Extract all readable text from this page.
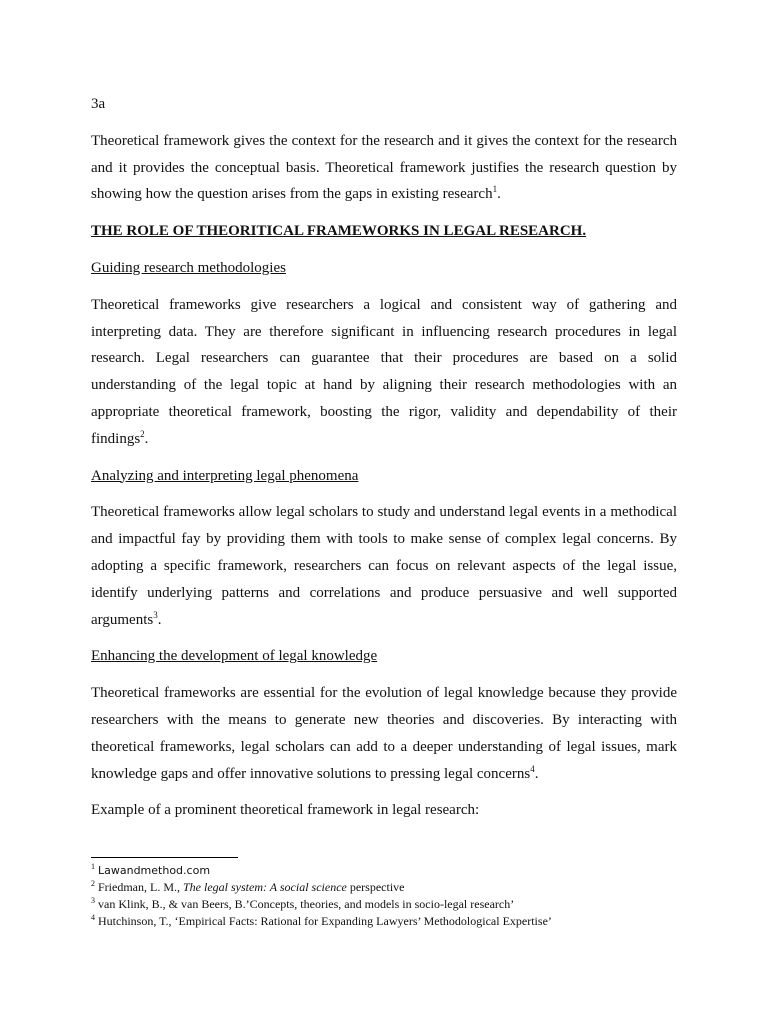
3a

Theoretical framework gives the context for the research and it gives the context for the research and it provides the conceptual basis. Theoretical framework justifies the research question by showing how the question arises from the gaps in existing research$^1$.

THE ROLE OF THEORITICAL FRAMEWORKS IN LEGAL RESEARCH.

Guiding research methodologies

Theoretical frameworks give researchers a logical and consistent way of gathering and interpreting data. They are therefore significant in influencing research procedures in legal research. Legal researchers can guarantee that their procedures are based on a solid understanding of the legal topic at hand by aligning their research methodologies with an appropriate theoretical framework, boosting the rigor, validity and dependability of their findings$^2$.

Analyzing and interpreting legal phenomena

Theoretical frameworks allow legal scholars to study and understand legal events in a methodical and impactful fay by providing them with tools to make sense of complex legal concerns. By adopting a specific framework, researchers can focus on relevant aspects of the legal issue, identify underlying patterns and correlations and produce persuasive and well supported arguments$^3$.

Enhancing the development of legal knowledge

Theoretical frameworks are essential for the evolution of legal knowledge because they provide researchers with the means to generate new theories and discoveries. By interacting with theoretical frameworks, legal scholars can add to a deeper understanding of legal issues, mark knowledge gaps and offer innovative solutions to pressing legal concerns$^4$.

Example of a prominent theoretical framework in legal research:

$^1$ Lawandmethod.com
$^2$ Friedman, L. M., The legal system: A social science perspective
$^3$ van Klink, B., & van Beers, B.’Concepts, theories, and models in socio-legal research’
$^4$ Hutchinson, T., ‘Empirical Facts: Rational for Expanding Lawyers’ Methodological Expertise’
